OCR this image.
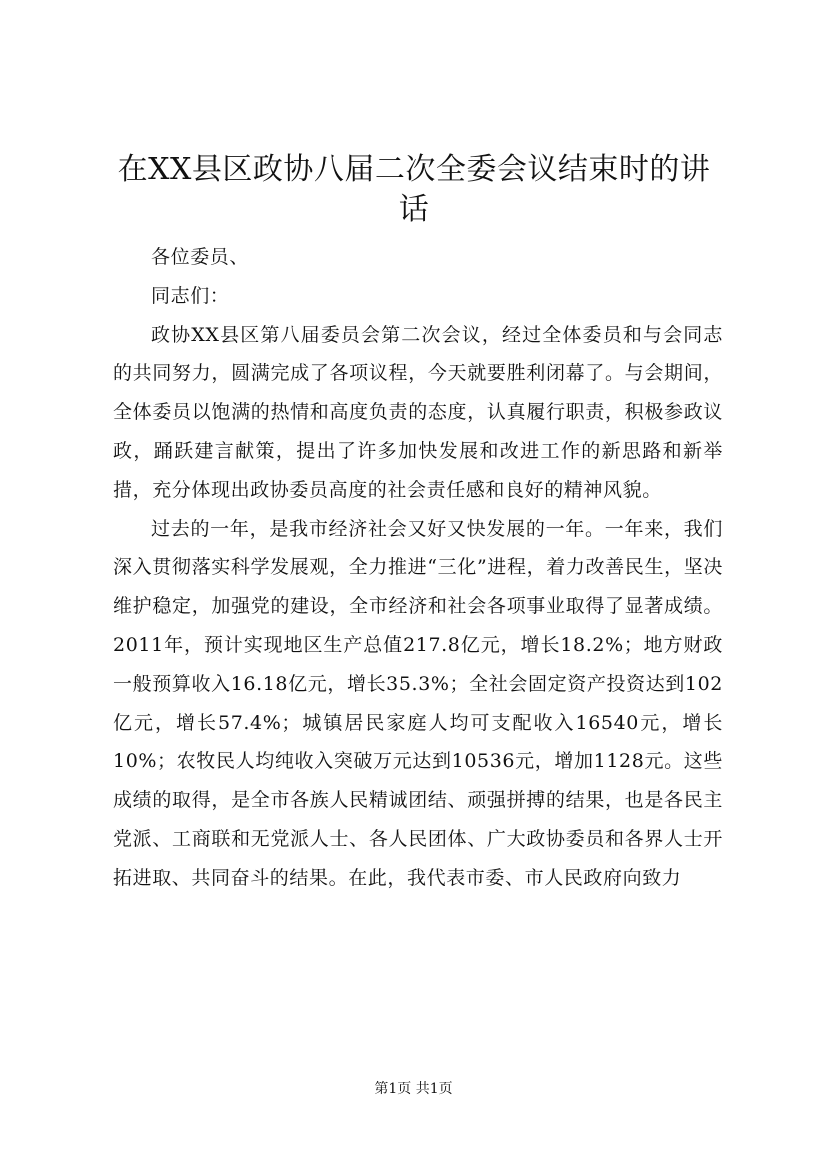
在XX县区政协八届二次全委会议结束时的讲话

各位委员、

同志们：

政协XX县区第八届委员会第二次会议，经过全体委员和与会同志的共同努力，圆满完成了各项议程，今天就要胜利闭幕了。与会期间，全体委员以饱满的热情和高度负责的态度，认真履行职责，积极参政议政，踊跃建言献策，提出了许多加快发展和改进工作的新思路和新举措，充分体现出政协委员高度的社会责任感和良好的精神风貌。

过去的一年，是我市经济社会又好又快发展的一年。一年来，我们深入贯彻落实科学发展观，全力推进“三化”进程，着力改善民生，坚决维护稳定，加强党的建设，全市经济和社会各项事业取得了显著成绩。2011年，预计实现地区生产总值217.8亿元，增长18.2%；地方财政一般预算收入16.18亿元，增长35.3%；全社会固定资产投资达到102亿元，增长57.4%；城镇居民家庭人均可支配收入16540元，增长10%；农牧民人均纯收入突破万元达到10536元，增加1128元。这些成绩的取得，是全市各族人民精诚团结、顽强拼搏的结果，也是各民主党派、工商联和无党派人士、各人民团体、广大政协委员和各界人士开拓进取、共同奋斗的结果。在此，我代表市委、市人民政府向致力

第1页 共1页
